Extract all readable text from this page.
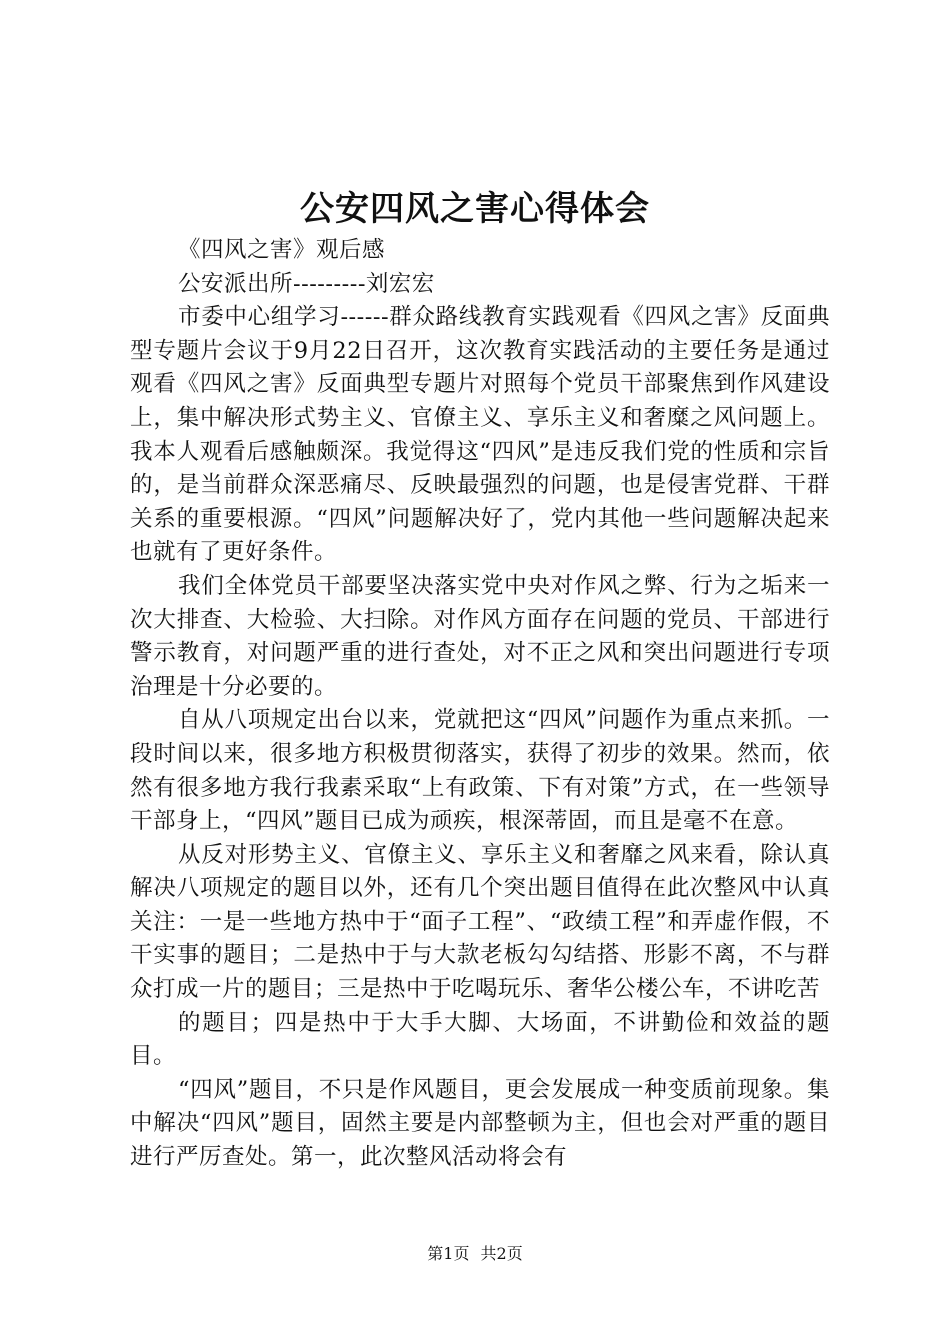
公安四风之害心得体会

《四风之害》观后感

公安派出所---------刘宏宏

市委中心组学习------群众路线教育实践观看《四风之害》反面典型专题片会议于9月22日召开，这次教育实践活动的主要任务是通过观看《四风之害》反面典型专题片对照每个党员干部聚焦到作风建设上，集中解决形式势主义、官僚主义、享乐主义和奢糜之风问题上。我本人观看后感触颇深。我觉得这“四风”是违反我们党的性质和宗旨的，是当前群众深恶痛尽、反映最强烈的问题，也是侵害党群、干群关系的重要根源。“四风”问题解决好了，党内其他一些问题解决起来也就有了更好条件。

我们全体党员干部要坚决落实党中央对作风之弊、行为之垢来一次大排查、大检验、大扫除。对作风方面存在问题的党员、干部进行警示教育，对问题严重的进行查处，对不正之风和突出问题进行专项治理是十分必要的。

自从八项规定出台以来，党就把这“四风”问题作为重点来抓。一段时间以来，很多地方积极贯彻落实，获得了初步的效果。然而，依然有很多地方我行我素采取“上有政策、下有对策”方式，在一些领导干部身上，“四风”题目已成为顽疾，根深蒂固，而且是毫不在意。

从反对形势主义、官僚主义、享乐主义和奢靡之风来看，除认真解决八项规定的题目以外，还有几个突出题目值得在此次整风中认真关注：一是一些地方热中于“面子工程”、“政绩工程”和弄虚作假，不干实事的题目；二是热中于与大款老板勾勾结搭、形影不离，不与群众打成一片的题目；三是热中于吃喝玩乐、奢华公楼公车，不讲吃苦

的题目；四是热中于大手大脚、大场面，不讲勤俭和效益的题目。

“四风”题目，不只是作风题目，更会发展成一种变质前现象。集中解决“四风”题目，固然主要是内部整顿为主，但也会对严重的题目进行严厉查处。第一，此次整风活动将会有

第1页 共2页
